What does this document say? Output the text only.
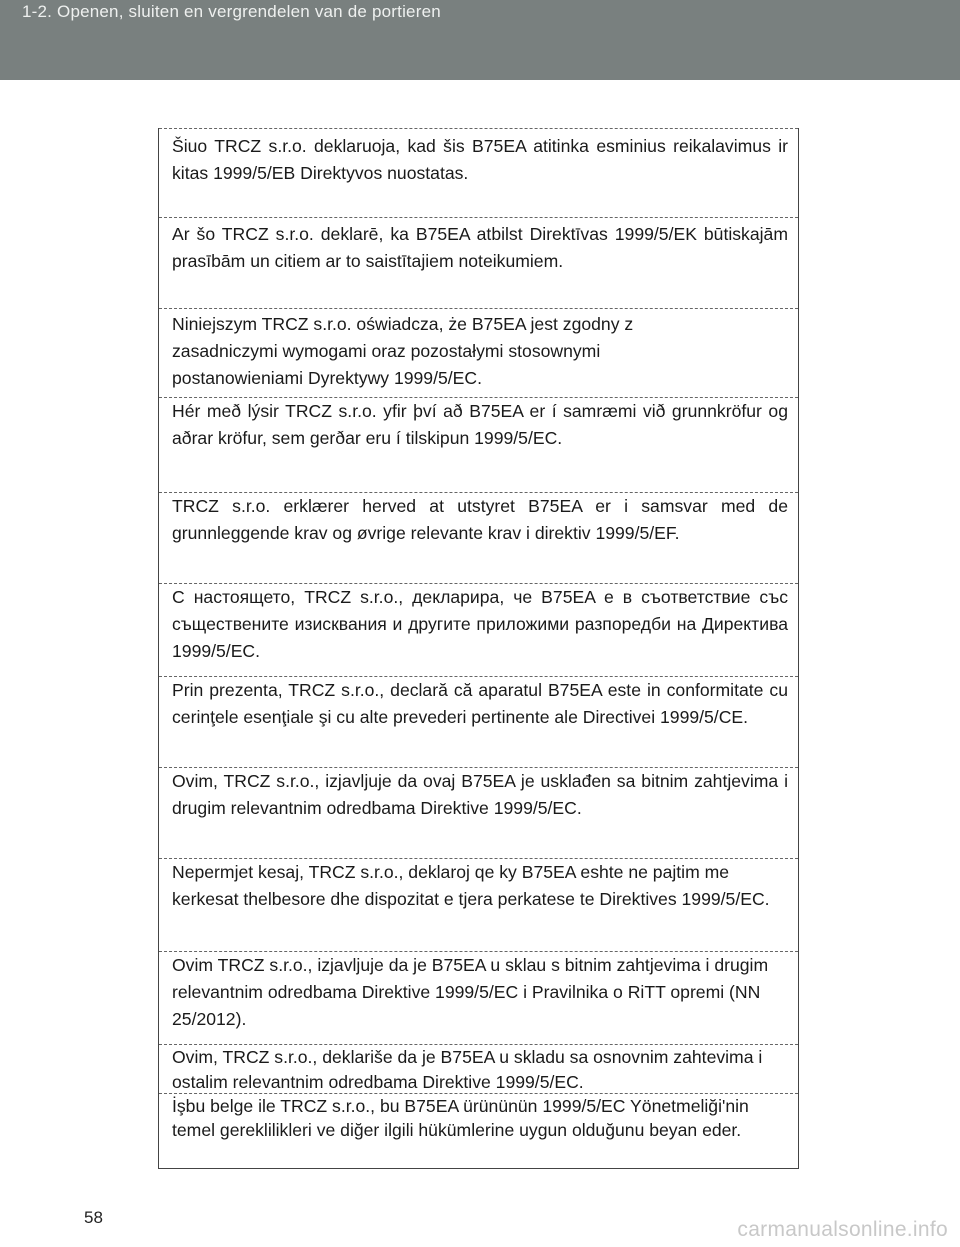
1-2. Openen, sluiten en vergrendelen van de portieren

Šiuo TRCZ s.r.o. deklaruoja, kad šis B75EA atitinka esminius reikalavimus ir kitas 1999/5/EB Direktyvos nuostatas.

Ar šo TRCZ s.r.o. deklarē, ka B75EA atbilst Direktīvas 1999/5/EK būtiskajām prasībām un citiem ar to saistītajiem noteikumiem.

Niniejszym TRCZ s.r.o. oświadcza, że B75EA jest zgodny z zasadniczymi wymogami oraz pozostałymi stosownymi postanowieniami Dyrektywy 1999/5/EC.

Hér með lýsir TRCZ s.r.o. yfir því að B75EA er í samræmi við grunnkröfur og aðrar kröfur, sem gerðar eru í tilskipun 1999/5/EC.

TRCZ s.r.o. erklærer herved at utstyret B75EA er i samsvar med de grunnleggende krav og øvrige relevante krav i direktiv 1999/5/EF.

С настоящето, TRCZ s.r.o., декларира, че B75EA е в съответствие със съществените изисквания и другите приложими разпоредби на Директива 1999/5/EC.

Prin prezenta, TRCZ s.r.o., declară că aparatul B75EA este in conformitate cu cerinţele esenţiale şi cu alte prevederi pertinente ale Directivei 1999/5/CE.

Ovim, TRCZ s.r.o., izjavljuje da ovaj B75EA je usklađen sa bitnim zahtjevima i drugim relevantnim odredbama Direktive 1999/5/EC.

Nepermjet kesaj, TRCZ s.r.o., deklaroj qe ky B75EA eshte ne pajtim me kerkesat thelbesore dhe dispozitat e tjera perkatese te Direktives 1999/5/EC.

Ovim TRCZ s.r.o., izjavljuje da je B75EA u sklau s bitnim zahtjevima i drugim relevantnim odredbama Direktive 1999/5/EC i Pravilnika o RiTT opremi (NN 25/2012).

Ovim, TRCZ s.r.o., deklariše da je B75EA u skladu sa osnovnim zahtevima i ostalim relevantnim odredbama Direktive 1999/5/EC.

İşbu belge ile TRCZ s.r.o., bu B75EA ürününün 1999/5/EC Yönetmeliği'nin temel gereklilikleri ve diğer ilgili hükümlerine uygun olduğunu beyan eder.

58
carmanualsonline.info
